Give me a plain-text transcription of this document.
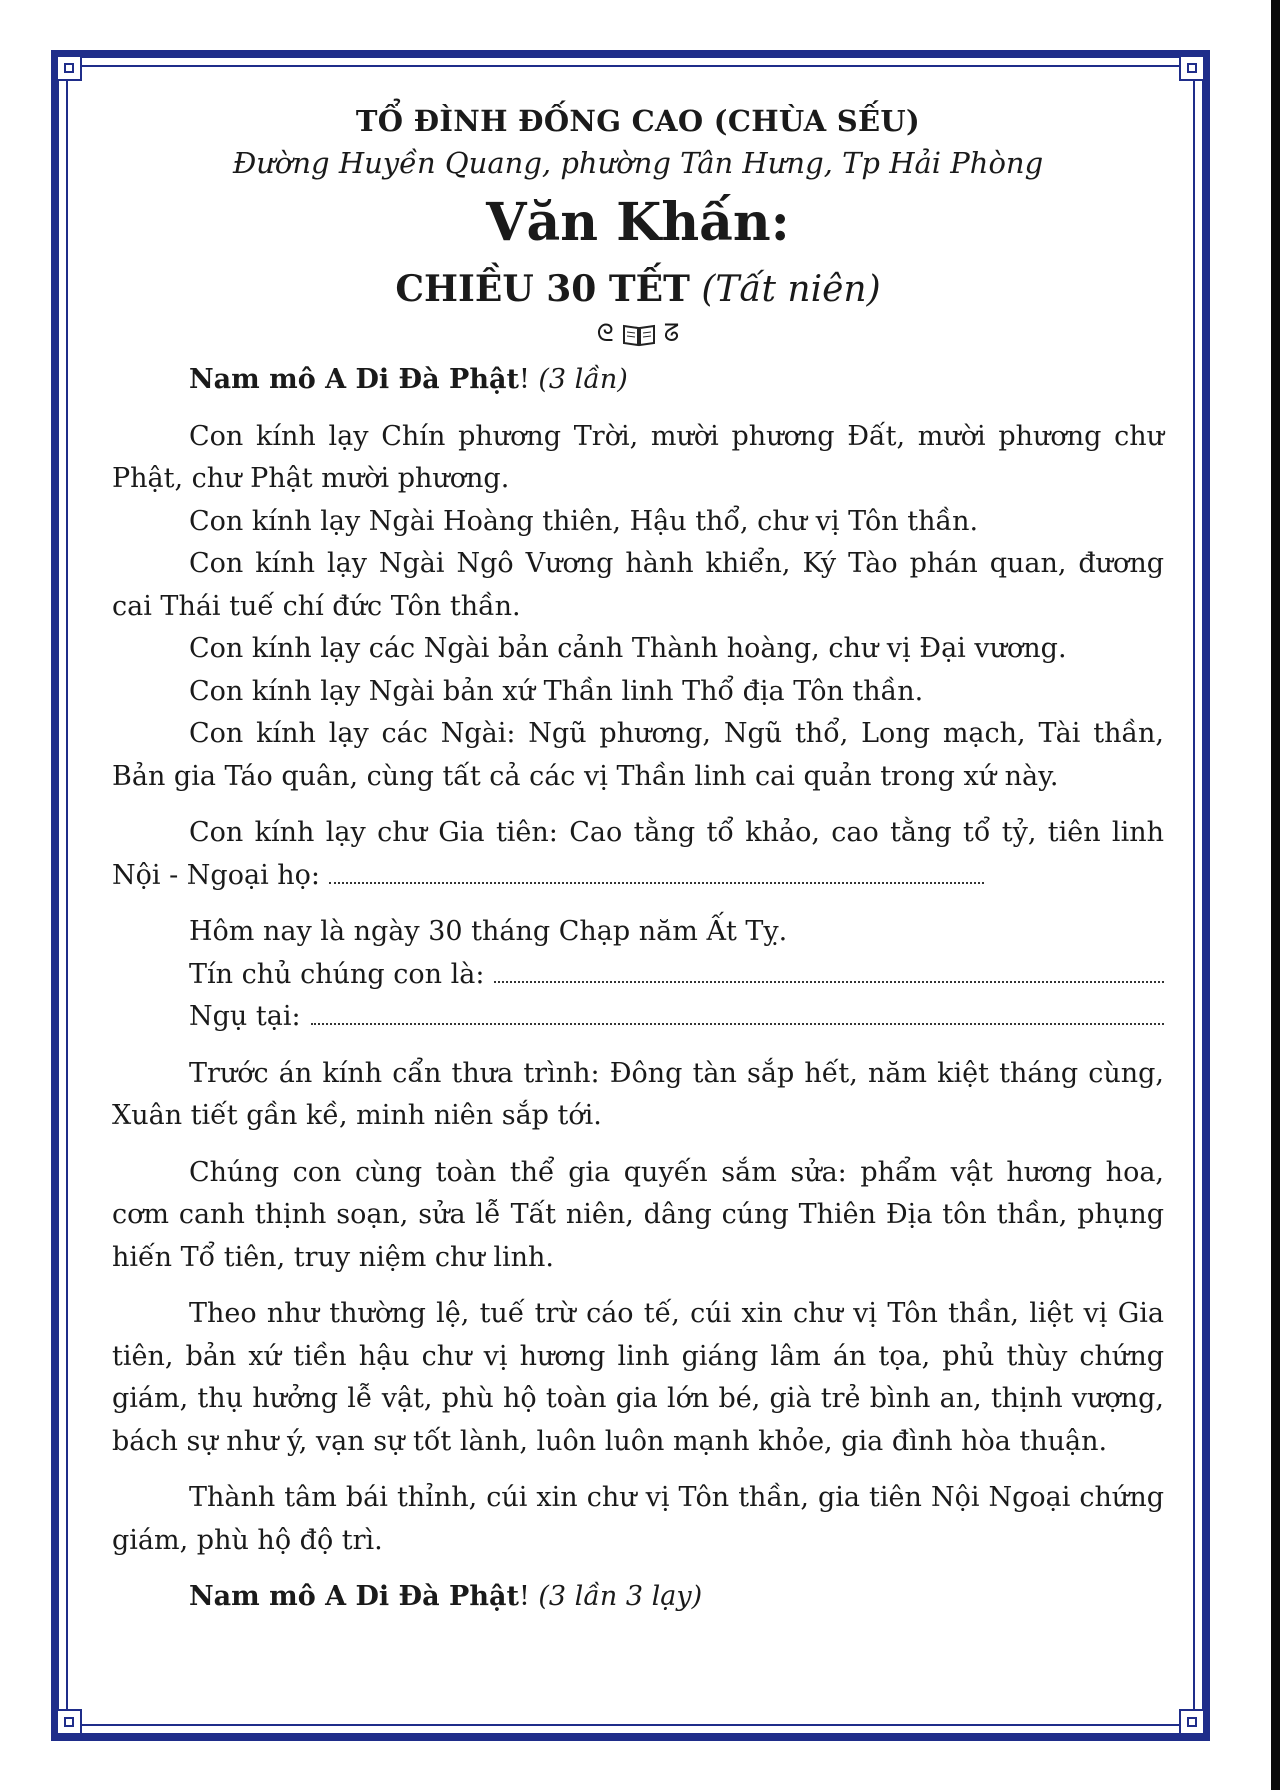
TỔ ĐÌNH ĐỐNG CAO (CHÙA SẾU)

Đường Huyền Quang, phường Tân Hưng, Tp Hải Phòng

Văn Khấn:

CHIỀU 30 TẾT (Tất niên)

ᘓ ᘔ

Nam mô A Di Đà Phật! (3 lần)

Con kính lạy Chín phương Trời, mười phương Đất, mười phương chư Phật, chư Phật mười phương.

Con kính lạy Ngài Hoàng thiên, Hậu thổ, chư vị Tôn thần.

Con kính lạy Ngài Ngô Vương hành khiển, Ký Tào phán quan, đương cai Thái tuế chí đức Tôn thần.

Con kính lạy các Ngài bản cảnh Thành hoàng, chư vị Đại vương.

Con kính lạy Ngài bản xứ Thần linh Thổ địa Tôn thần.

Con kính lạy các Ngài: Ngũ phương, Ngũ thổ, Long mạch, Tài thần, Bản gia Táo quân, cùng tất cả các vị Thần linh cai quản trong xứ này.

Con kính lạy chư Gia tiên: Cao tằng tổ khảo, cao tằng tổ tỷ, tiên linh Nội - Ngoại họ:

Hôm nay là ngày 30 tháng Chạp năm Ất Tỵ.

Tín chủ chúng con là:
Ngụ tại:

Trước án kính cẩn thưa trình: Đông tàn sắp hết, năm kiệt tháng cùng, Xuân tiết gần kề, minh niên sắp tới.

Chúng con cùng toàn thể gia quyến sắm sửa: phẩm vật hương hoa, cơm canh thịnh soạn, sửa lễ Tất niên, dâng cúng Thiên Địa tôn thần, phụng hiến Tổ tiên, truy niệm chư linh.

Theo như thường lệ, tuế trừ cáo tế, cúi xin chư vị Tôn thần, liệt vị Gia tiên, bản xứ tiền hậu chư vị hương linh giáng lâm án tọa, phủ thùy chứng giám, thụ hưởng lễ vật, phù hộ toàn gia lớn bé, già trẻ bình an, thịnh vượng, bách sự như ý, vạn sự tốt lành, luôn luôn mạnh khỏe, gia đình hòa thuận.

Thành tâm bái thỉnh, cúi xin chư vị Tôn thần, gia tiên Nội Ngoại chứng giám, phù hộ độ trì.

Nam mô A Di Đà Phật! (3 lần 3 lạy)
